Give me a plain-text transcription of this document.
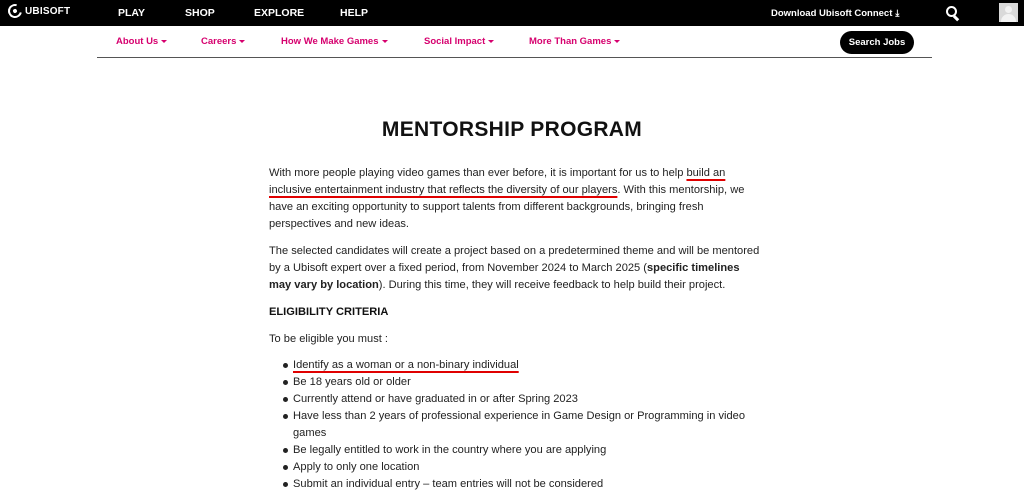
UBISOFT	PLAY	SHOP	EXPLORE	HELP	Download Ubisoft Connect ⤓
About Us	Careers	How We Make Games	Social Impact	More Than Games	Search Jobs
MENTORSHIP PROGRAM

With more people playing video games than ever before, it is important for us to help build an inclusive entertainment industry that reflects the diversity of our players. With this mentorship, we have an exciting opportunity to support talents from different backgrounds, bringing fresh perspectives and new ideas.

The selected candidates will create a project based on a predetermined theme and will be mentored by a Ubisoft expert over a fixed period, from November 2024 to March 2025 (specific timelines may vary by location). During this time, they will receive feedback to help build their project.

ELIGIBILITY CRITERIA

To be eligible you must :

Identify as a woman or a non-binary individual
Be 18 years old or older
Currently attend or have graduated in or after Spring 2023
Have less than 2 years of professional experience in Game Design or Programming in video games
Be legally entitled to work in the country where you are applying
Apply to only one location
Submit an individual entry – team entries will not be considered
